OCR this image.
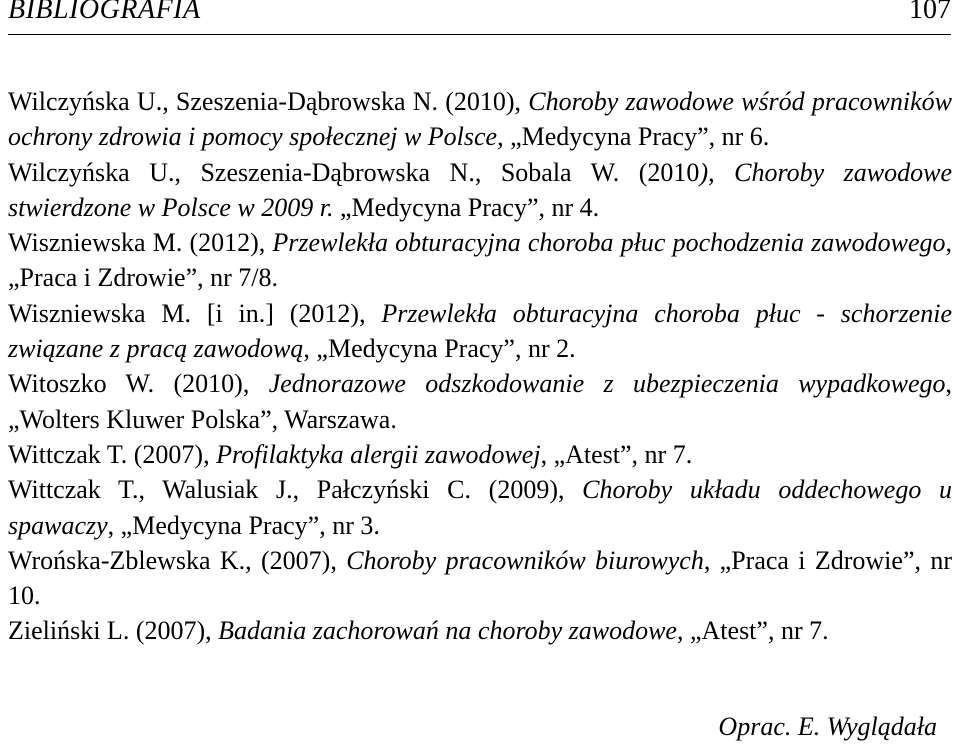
BIBLIOGRAFIA	107
Wilczyńska U., Szeszenia-Dąbrowska N. (2010), Choroby zawodowe wśród pracowników ochrony zdrowia i pomocy społecznej w Polsce, „Medycyna Pracy”, nr 6.
Wilczyńska U., Szeszenia-Dąbrowska N., Sobala W. (2010), Choroby zawodowe stwierdzone w Polsce w 2009 r. „Medycyna Pracy”, nr 4.
Wiszniewska M. (2012), Przewlekła obturacyjna choroba płuc pochodzenia zawodowego, „Praca i Zdrowie”, nr 7/8.
Wiszniewska M. [i in.] (2012), Przewlekła obturacyjna choroba płuc - schorzenie związane z pracą zawodową, „Medycyna Pracy”, nr 2.
Witoszko W. (2010), Jednorazowe odszkodowanie z ubezpieczenia wypadkowego, „Wolters Kluwer Polska”, Warszawa.
Wittczak T. (2007), Profilaktyka alergii zawodowej, „Atest”, nr 7.
Wittczak T., Walusiak J., Pałczyński C. (2009), Choroby układu oddechowego u spawaczy, „Medycyna Pracy”, nr 3.
Wrońska-Zblewska K., (2007), Choroby pracowników biurowych, „Praca i Zdrowie”, nr 10.
Zieliński L. (2007), Badania zachorowań na choroby zawodowe, „Atest”, nr 7.
Oprac. E. Wyglądała
